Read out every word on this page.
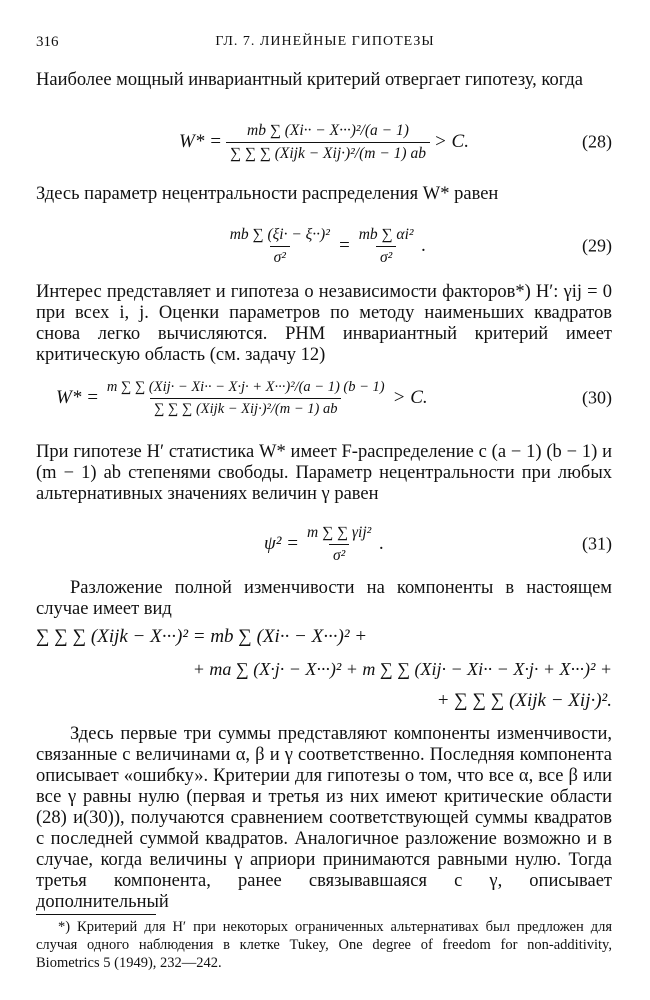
316	ГЛ. 7. ЛИНЕЙНЫЕ ГИПОТЕЗЫ
Наиболее мощный инвариантный критерий отвергает гипотезу, когда
$W* = \frac{\text{mb ∑ (Xi·· − X···)²/(a − 1)}}{\text{∑ ∑ ∑ (Xijk − Xij·)²/(m − 1) ab}} > C$.	(28)
Здесь параметр нецентральности распределения W* равен
$\frac{\text{mb ∑ (ξi· − ξ··)²}}{\text{σ²}} = \frac{\text{mb ∑ αi²}}{\text{σ²}}$ .	(29)
Интерес представляет и гипотеза о независимости факторов*) H′: γij = 0 при всех i, j. Оценки параметров по методу наименьших квадратов снова легко вычисляются. РНМ инвариантный критерий имеет критическую область (см. задачу 12)
$W* = \frac{\text{m ∑ ∑ (Xij· − Xi·· − X·j· + X···)²/(a − 1) (b − 1)}}{\text{∑ ∑ ∑ (Xijk − Xij·)²/(m − 1) ab}} > C$.	(30)
При гипотезе H′ статистика W* имеет F-распределение с (a − 1) (b − 1) и (m − 1) ab степенями свободы. Параметр нецентральности при любых альтернативных значениях величин γ равен
$\psi^2 = \frac{\text{m ∑ ∑ γij²}}{\text{σ²}}$ .	(31)
Разложение полной изменчивости на компоненты в настоящем случае имеет вид
∑ ∑ ∑ (Xijk − X···)² = mb ∑ (Xi·· − X···)² +
+ ma ∑ (X·j· − X···)² + m ∑ ∑ (Xij· − Xi·· − X·j· + X···)² +
+ ∑ ∑ ∑ (Xijk − Xij·)².
Здесь первые три суммы представляют компоненты изменчивости, связанные с величинами α, β и γ соответственно. Последняя компонента описывает «ошибку». Критерии для гипотезы о том, что все α, все β или все γ равны нулю (первая и третья из них имеют критические области (28) и(30)), получаются сравнением соответствующей суммы квадратов с последней суммой квадратов. Аналогичное разложение возможно и в случае, когда величины γ априори принимаются равными нулю. Тогда третья компонента, ранее связывавшаяся с γ, описывает дополнительный
*) Критерий для H′ при некоторых ограниченных альтернативах был предложен для случая одного наблюдения в клетке Tukey, One degree of freedom for non-additivity, Biometrics 5 (1949), 232—242.
